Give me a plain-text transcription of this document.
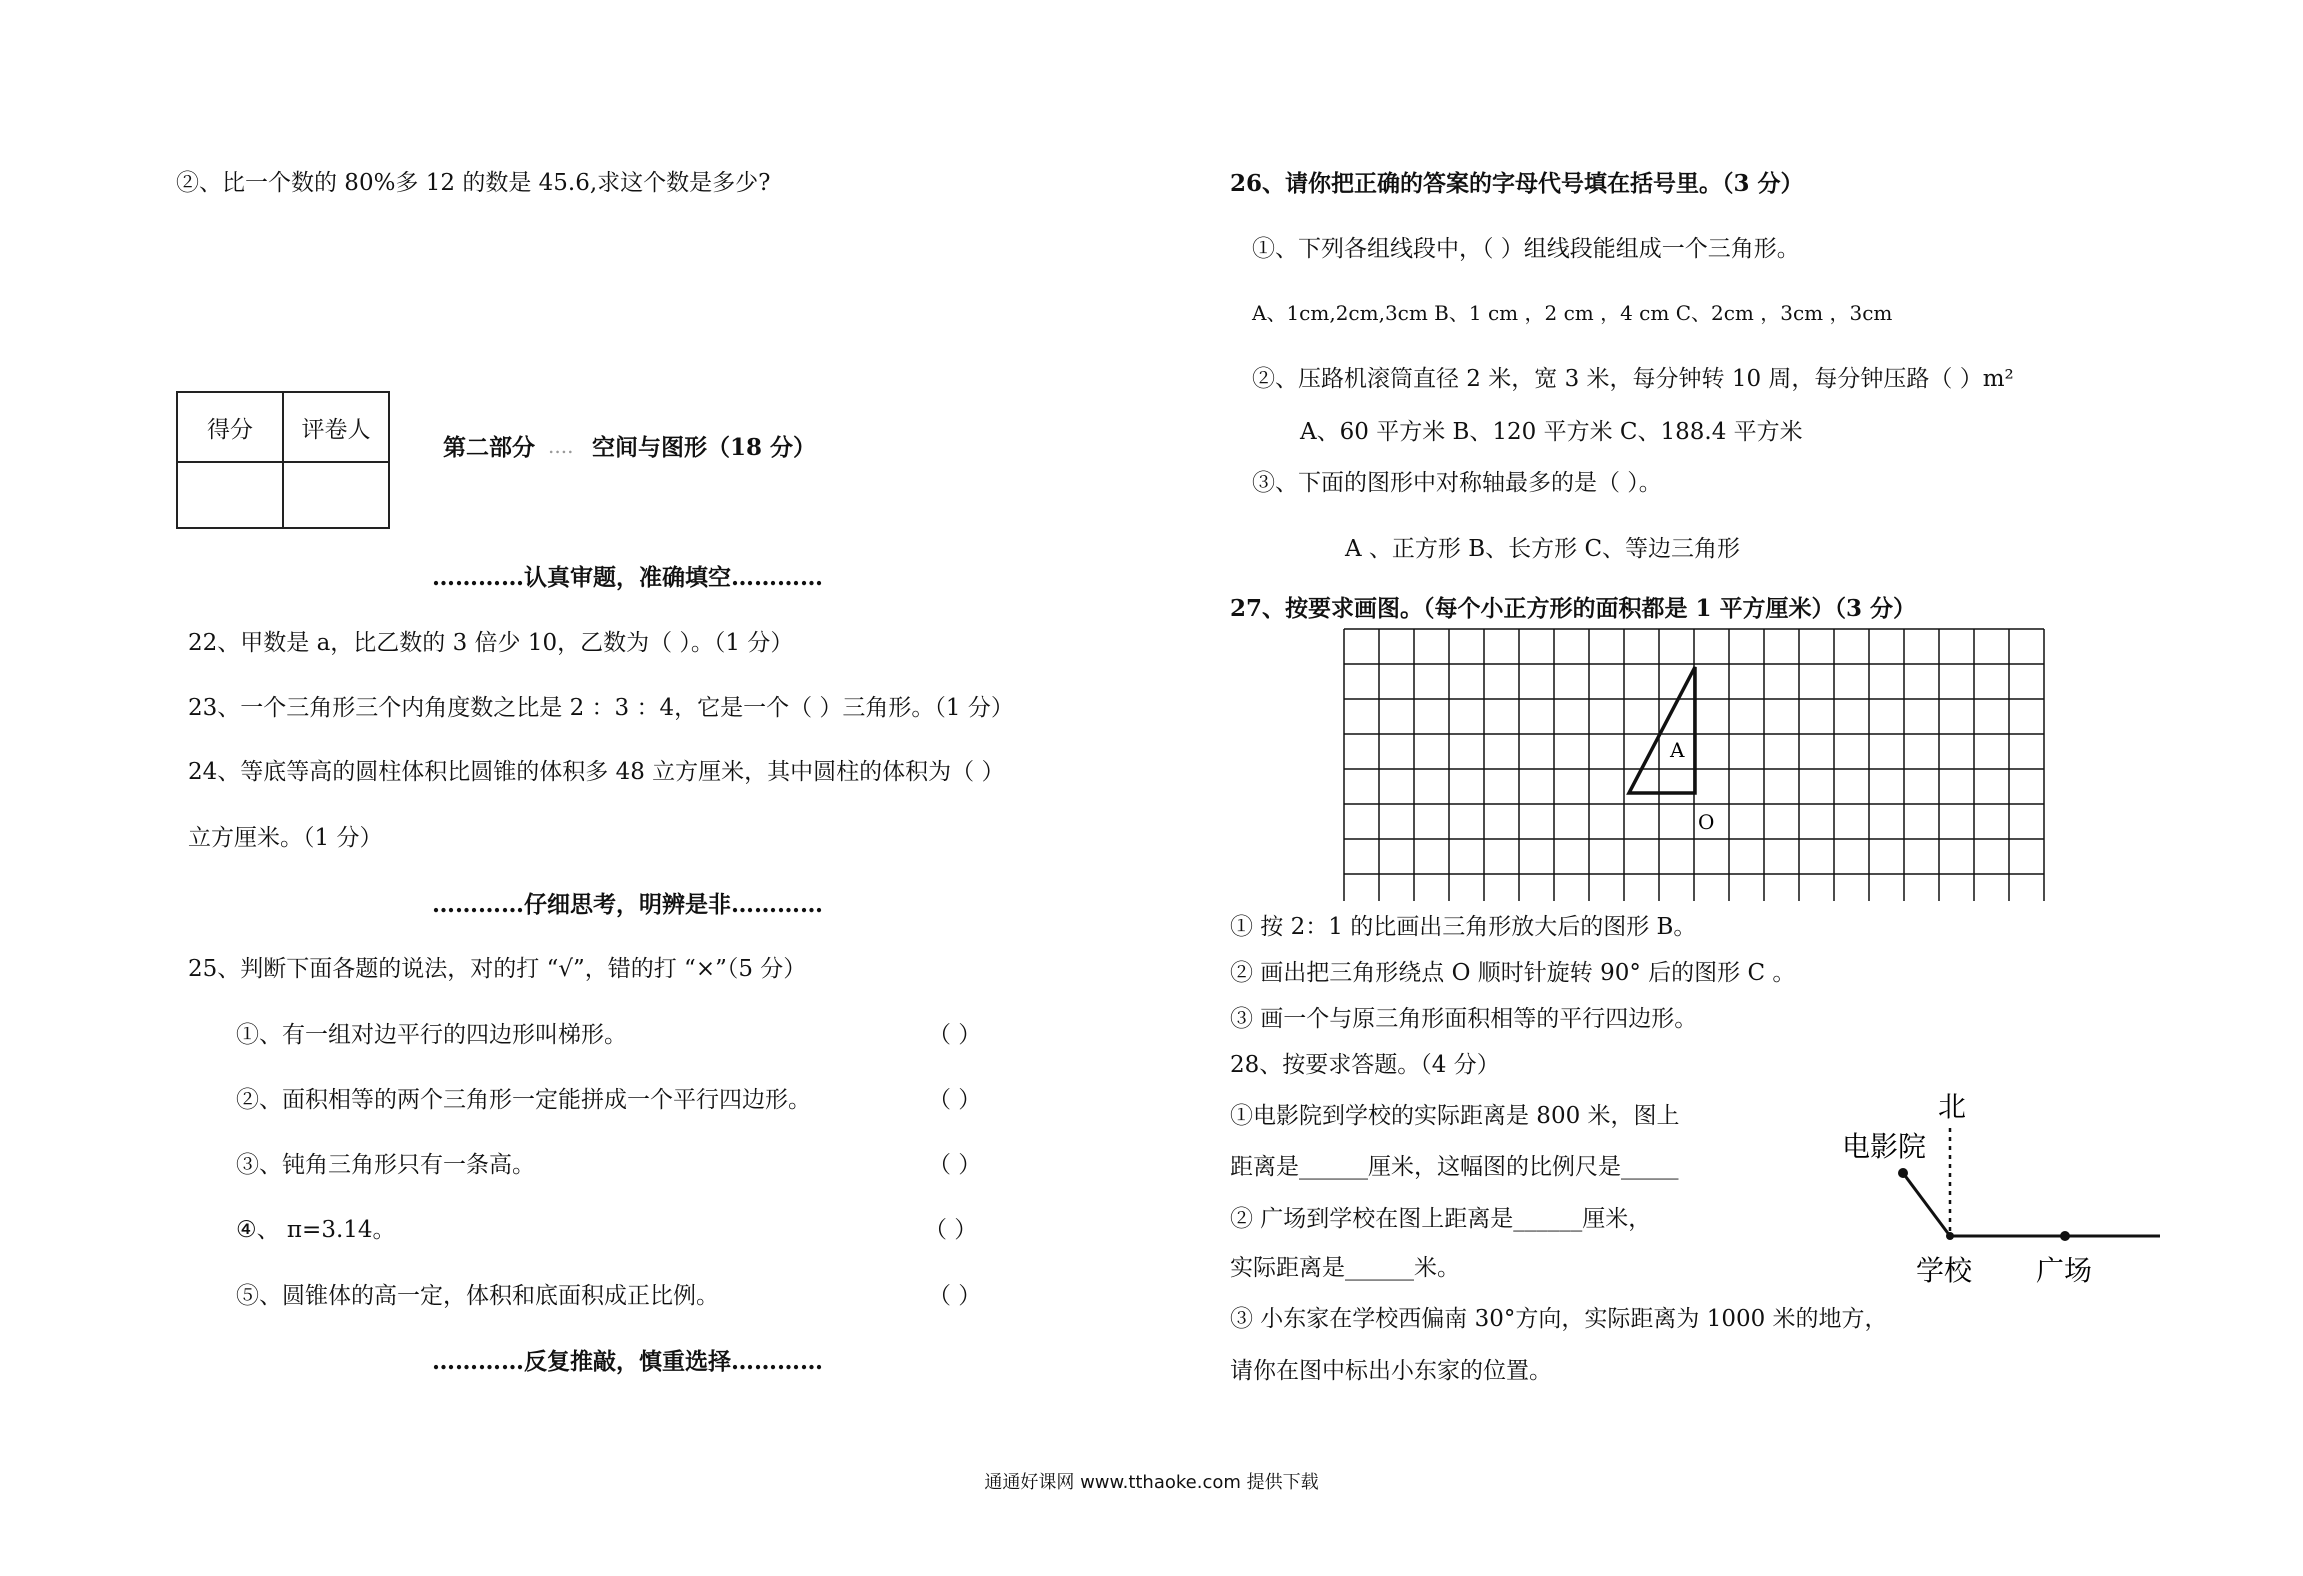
②、比一个数的 80%多 12 的数是 45.6,求这个数是多少?
得分	评卷人

第二部分 .... 空间与图形（18 分）
…………认真审题，准确填空…………
22、甲数是 a，比乙数的 3 倍少 10，乙数为（ ）。（1 分）
23、一个三角形三个内角度数之比是 2 ：3 ：4，它是一个（ ）三角形。（1 分）
24、等底等高的圆柱体积比圆锥的体积多 48 立方厘米，其中圆柱的体积为（ ）
立方厘米。（1 分）
…………仔细思考，明辨是非…………
25、判断下面各题的说法，对的打 “√”，错的打 “×”（5 分）
①、有一组对边平行的四边形叫梯形。	（ ）
②、面积相等的两个三角形一定能拼成一个平行四边形。	（ ）
③、钝角三角形只有一条高。	（ ）
④、 π=3.14。	（ ）
⑤、圆锥体的高一定，体积和底面积成正比例。	（ ）
…………反复推敲，慎重选择…………
26、请你把正确的答案的字母代号填在括号里。（3 分）
①、下列各组线段中，（ ）组线段能组成一个三角形。
A、1cm,2cm,3cm B、1 cm ，2 cm ，4 cm C、2cm ，3cm ，3cm
②、压路机滚筒直径 2 米，宽 3 米，每分钟转 10 周，每分钟压路（ ）m²
A、60 平方米 B、120 平方米 C、188.4 平方米
③、下面的图形中对称轴最多的是（ ）。
A 、正方形 B、长方形 C、等边三角形
27、按要求画图。（每个小正方形的面积都是 1 平方厘米）（3 分）
A
O
① 按 2：1 的比画出三角形放大后的图形 B。
② 画出把三角形绕点 O 顺时针旋转 90° 后的图形 C 。
③ 画一个与原三角形面积相等的平行四边形。
28、按要求答题。（4 分）
①电影院到学校的实际距离是 800 米，图上
距离是______厘米，这幅图的比例尺是_____
② 广场到学校在图上距离是______厘米，
实际距离是______米。
③ 小东家在学校西偏南 30°方向，实际距离为 1000 米的地方，
请你在图中标出小东家的位置。
北
电影院
学校 广场
通通好课网 www.tthaoke.com 提供下载
